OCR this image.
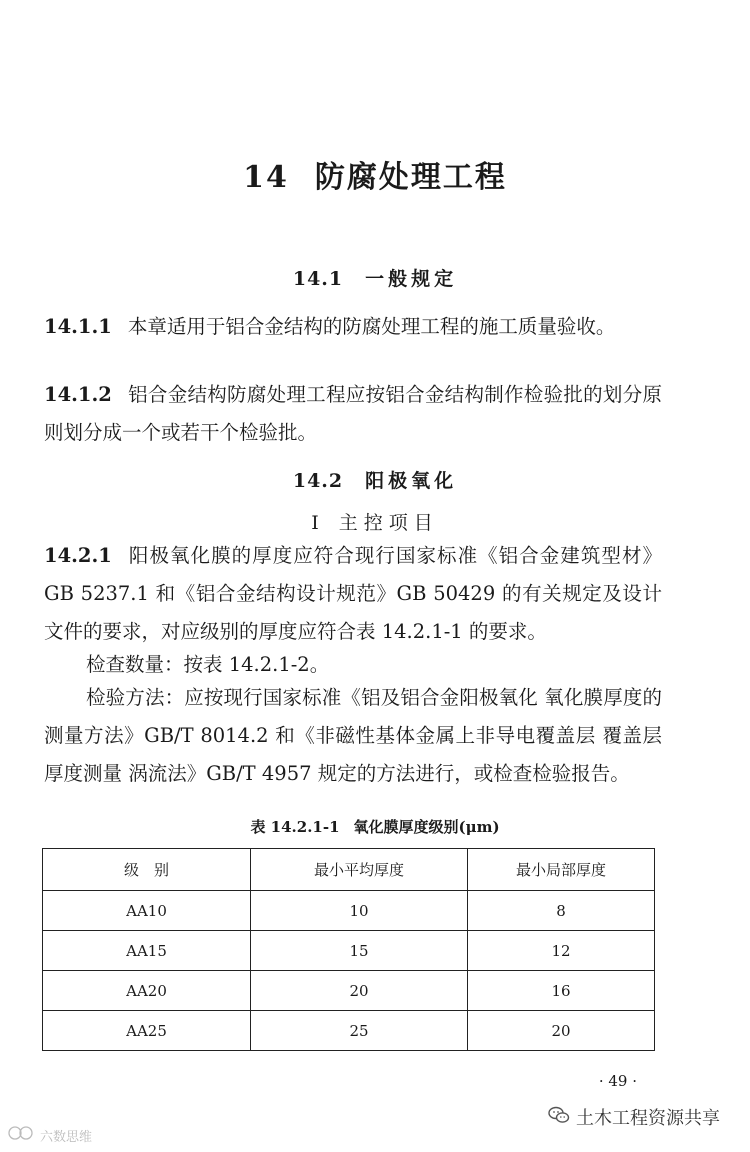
14 防腐处理工程
14.1 一般规定
14.1.1 本章适用于铝合金结构的防腐处理工程的施工质量验收。
14.1.2 铝合金结构防腐处理工程应按铝合金结构制作检验批的划分原则划分成一个或若干个检验批。
14.2 阳极氧化
Ⅰ 主控项目
14.2.1 阳极氧化膜的厚度应符合现行国家标准《铝合金建筑型材》GB 5237.1 和《铝合金结构设计规范》GB 50429 的有关规定及设计文件的要求，对应级别的厚度应符合表 14.2.1-1 的要求。
检查数量：按表 14.2.1-2。
检验方法：应按现行国家标准《铝及铝合金阳极氧化 氧化膜厚度的测量方法》GB/T 8014.2 和《非磁性基体金属上非导电覆盖层 覆盖层厚度测量 涡流法》GB/T 4957 规定的方法进行，或检查检验报告。
表 14.2.1-1 氧化膜厚度级别(μm)
级　别	最小平均厚度	最小局部厚度
AA10	10	8
AA15	15	12
AA20	20	16
AA25	25	20
· 49 ·
土木工程资源共享
六数思维
